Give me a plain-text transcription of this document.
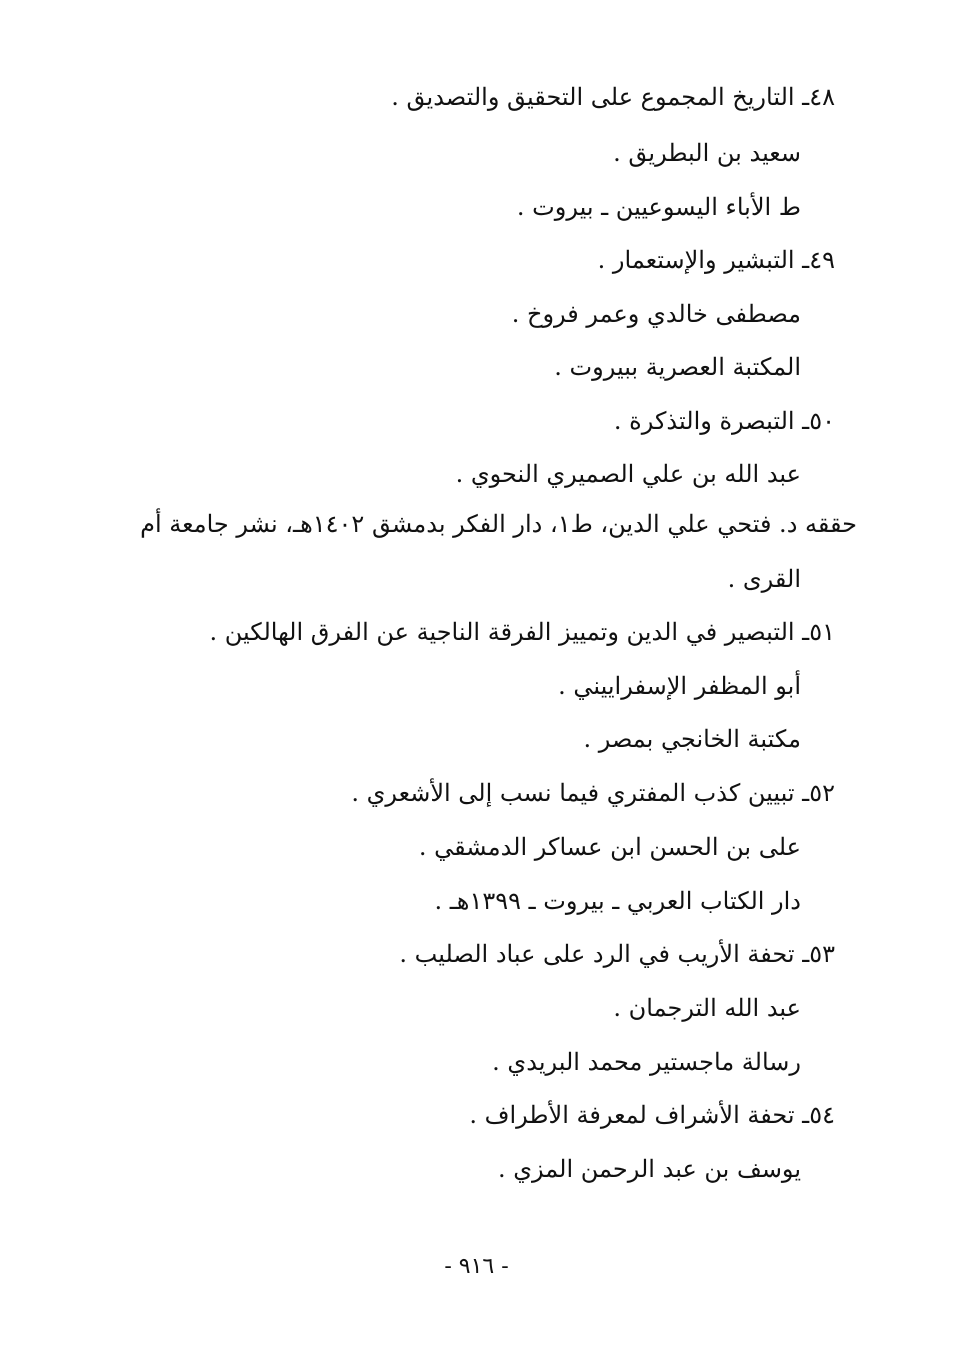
٤٨ـ التاريخ المجموع على التحقيق والتصديق .
سعيد بن البطريق .
ط الأباء اليسوعيين ـ بيروت .
٤٩ـ التبشير والإستعمار .
مصطفى خالدي وعمر فروخ .
المكتبة العصرية ببيروت .
٥٠ـ التبصرة والتذكرة .
عبد الله بن علي الصميري النحوي .
حققه د. فتحي علي الدين، ط١، دار الفكر بدمشق ١٤٠٢هـ، نشر جامعة أم
القرى .
٥١ـ التبصير في الدين وتمييز الفرقة الناجية عن الفرق الهالكين .
أبو المظفر الإسفراييني .
مكتبة الخانجي بمصر .
٥٢ـ تبيين كذب المفتري فيما نسب إلى الأشعري .
على بن الحسن ابن عساكر الدمشقي .
دار الكتاب العربي ـ بيروت ـ ١٣٩٩هـ .
٥٣ـ تحفة الأريب في الرد على عباد الصليب .
عبد الله الترجمان .
رسالة ماجستير محمد البريدي .
٥٤ـ تحفة الأشراف لمعرفة الأطراف .
يوسف بن عبد الرحمن المزي .
- ٩١٦ -
